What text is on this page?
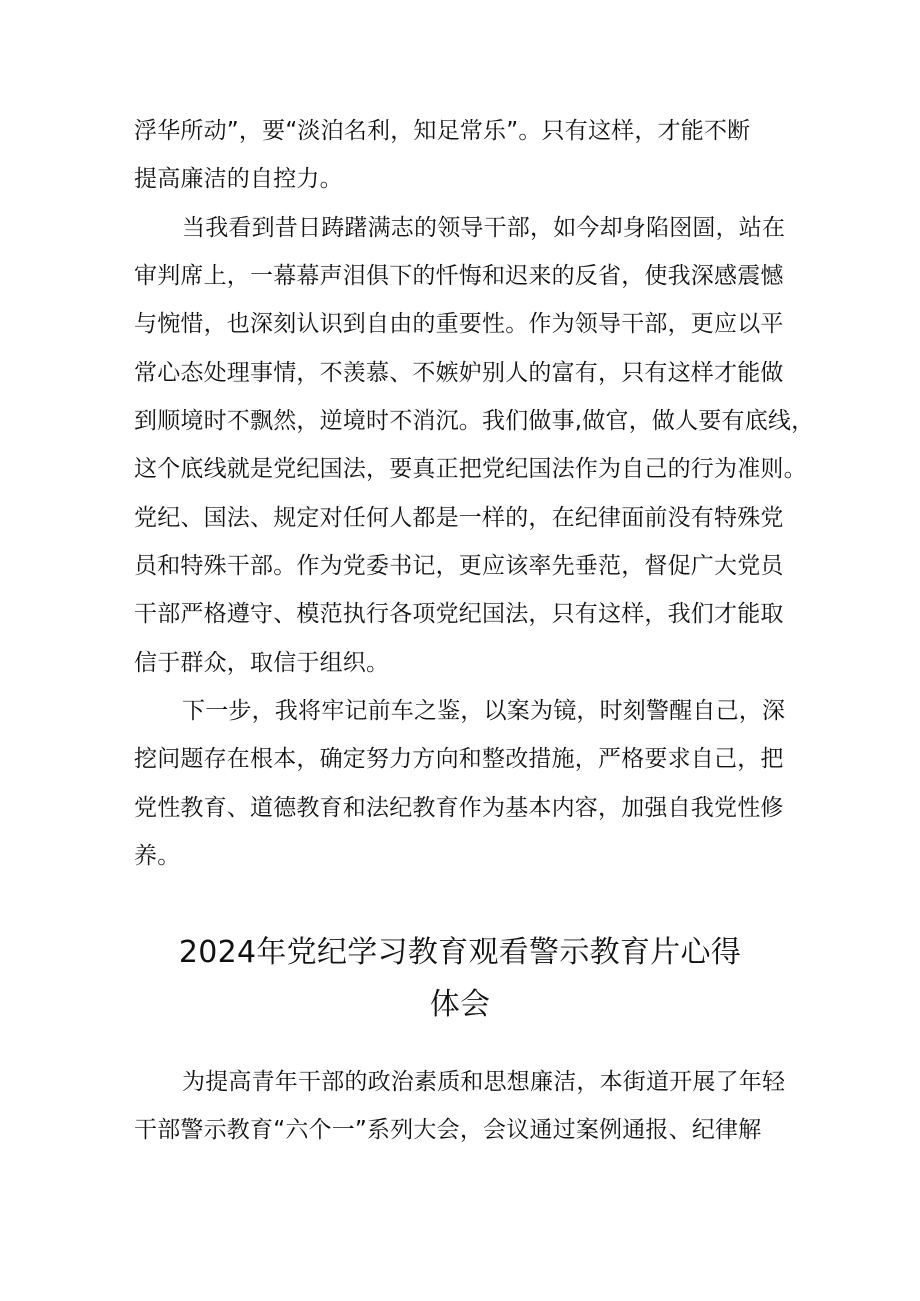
浮华所动”，要“淡泊名利，知足常乐”。只有这样，才能不断
提高廉洁的自控力。
当我看到昔日踌躇满志的领导干部，如今却身陷囹圄，站在
审判席上，一幕幕声泪俱下的忏悔和迟来的反省，使我深感震憾
与惋惜，也深刻认识到自由的重要性。作为领导干部，更应以平
常心态处理事情，不羡慕、不嫉妒别人的富有，只有这样才能做
到顺境时不飘然，逆境时不消沉。我们做事,做官，做人要有底线，
这个底线就是党纪国法，要真正把党纪国法作为自己的行为准则。
党纪、国法、规定对任何人都是一样的，在纪律面前没有特殊党
员和特殊干部。作为党委书记，更应该率先垂范，督促广大党员
干部严格遵守、模范执行各项党纪国法，只有这样，我们才能取
信于群众，取信于组织。
下一步，我将牢记前车之鉴，以案为镜，时刻警醒自己，深
挖问题存在根本，确定努力方向和整改措施，严格要求自己，把
党性教育、道德教育和法纪教育作为基本内容，加强自我党性修
养。
2024年党纪学习教育观看警示教育片心得
体会
为提高青年干部的政治素质和思想廉洁，本街道开展了年轻
干部警示教育“六个一”系列大会，会议通过案例通报、纪律解
